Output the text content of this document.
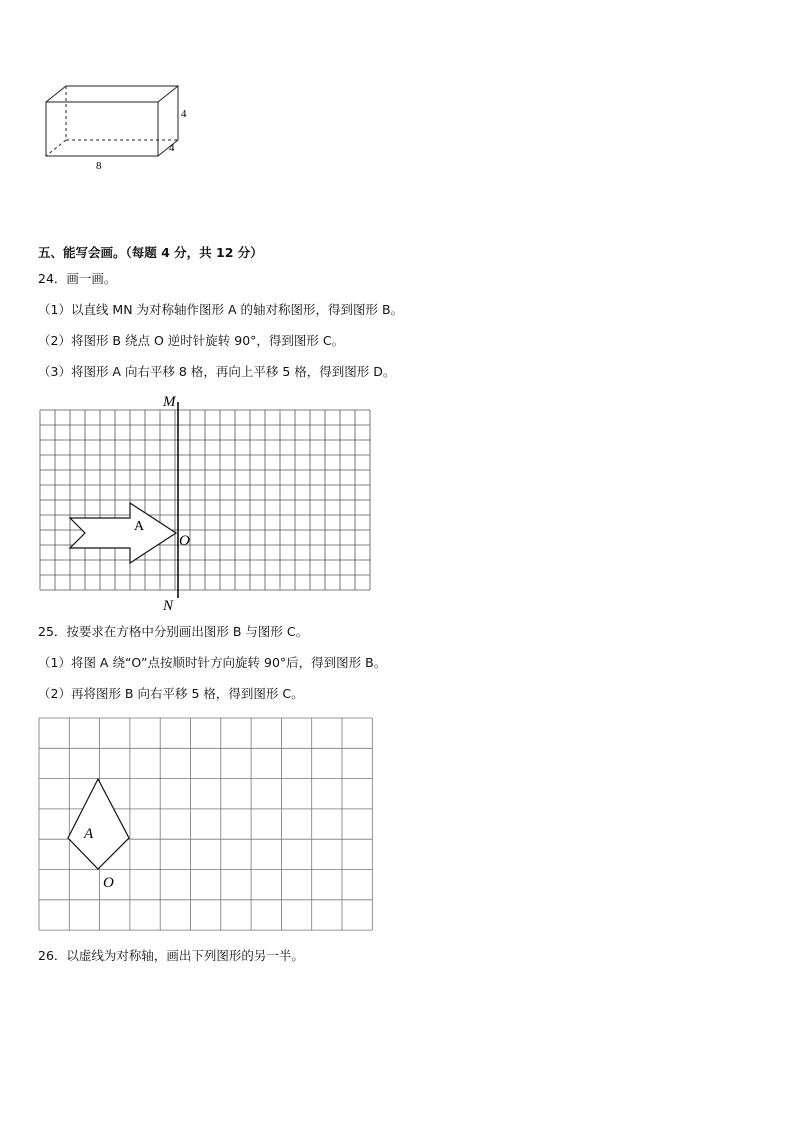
4
4
8
五、能写会画。（每题 4 分，共 12 分）
24．画一画。
（1）以直线 MN 为对称轴作图形 A 的轴对称图形，得到图形 B。
（2）将图形 B 绕点 O 逆时针旋转 90°，得到图形 C。
（3）将图形 A 向右平移 8 格，再向上平移 5 格，得到图形 D。
A
M
N
O
25．按要求在方格中分别画出图形 B 与图形 C。
（1）将图 A 绕“O”点按顺时针方向旋转 90°后，得到图形 B。
（2）再将图形 B 向右平移 5 格，得到图形 C。
A
O
26．以虚线为对称轴，画出下列图形的另一半。
